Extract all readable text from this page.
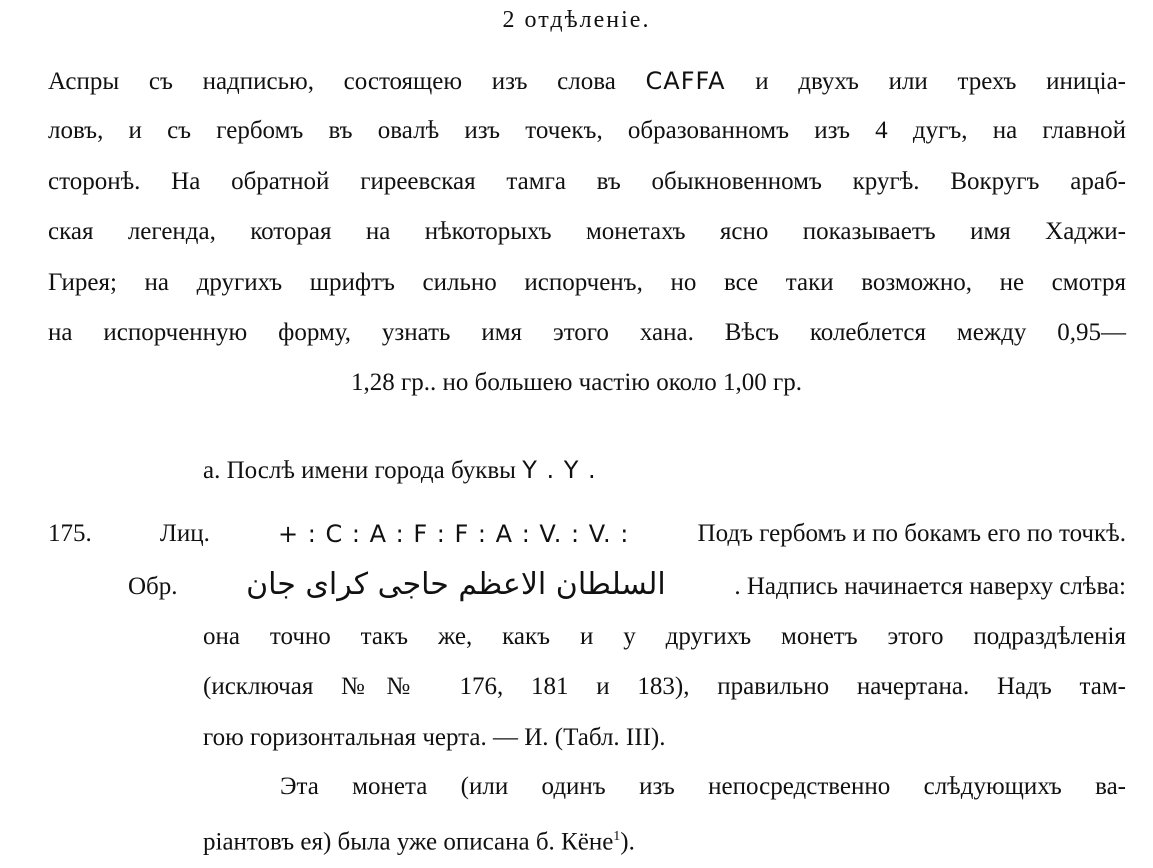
2 отдѣленіе.
Аспры съ надписью, состоящею изъ слова CAFFA и двухъ или трехъ иниціа-
ловъ, и съ гербомъ въ овалѣ изъ точекъ, образованномъ изъ 4 дугъ, на главной
сторонѣ. На обратной гиреевская тамга въ обыкновенномъ кругѣ. Вокругъ араб-
ская легенда, которая на нѣкоторыхъ монетахъ ясно показываетъ имя Хаджи-
Гирея; на другихъ шрифтъ сильно испорченъ, но все таки возможно, не смотря
на испорченную форму, узнать имя этого хана. Вѣсъ колеблется между 0,95—
1,28 гр.. но большею частію около 1,00 гр.
а. Послѣ имени города буквы Y . Y .
175.	Лиц.	+ : C : A : F : F : A : V. : V. :	Подъ гербомъ и по бокамъ его по точкѣ.
Обр. السلطان الاعظم حاجى كراى جان	. Надпись начинается наверху слѣва:
она точно такъ же, какъ и у другихъ монетъ этого подраздѣленія
(исключая №№ 176, 181 и 183), правильно начертана. Надъ там-
гою горизонтальная черта. — И. (Табл. III).
Эта монета (или одинъ изъ непосредственно слѣдующихъ ва-
ріантовъ ея) была уже описана б. Кёне$^1$).
